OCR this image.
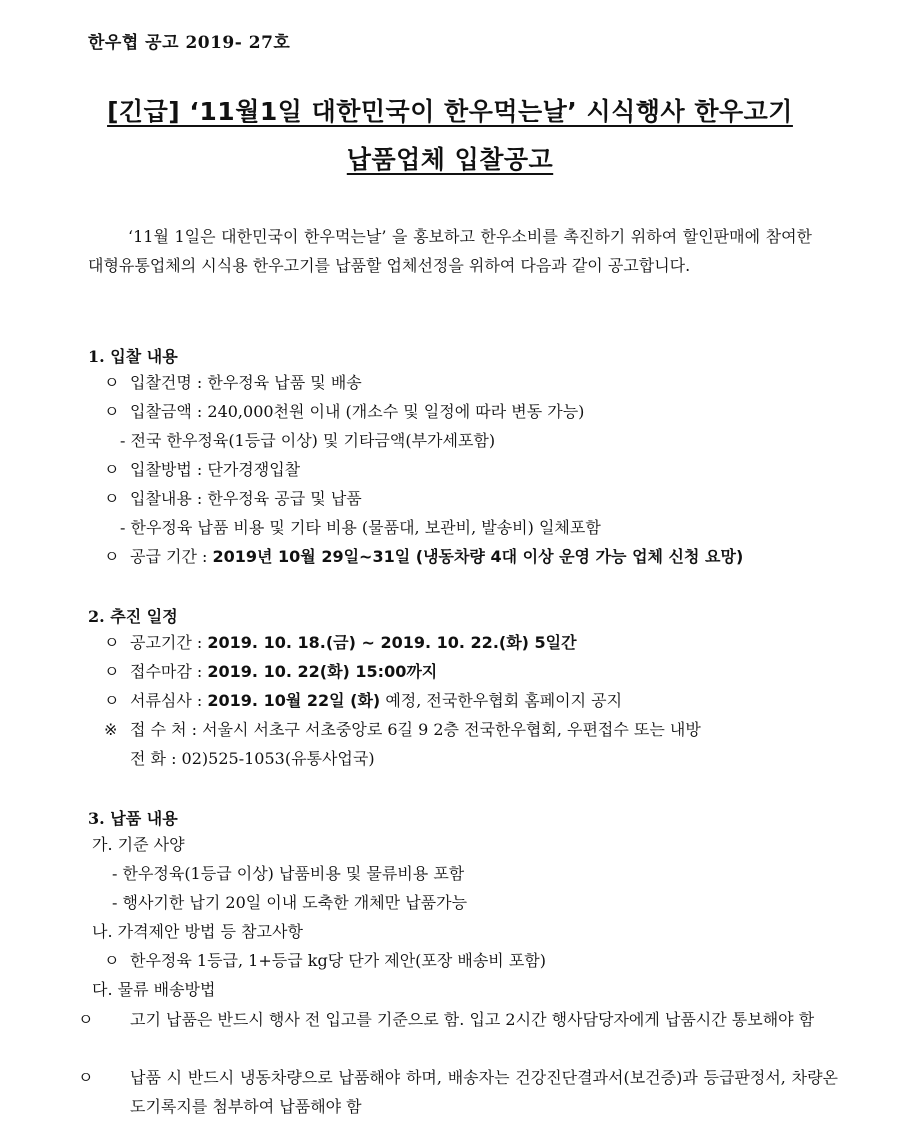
한우협 공고 2019- 27호
[긴급] ‘11월1일 대한민국이 한우먹는날’ 시식행사 한우고기
납품업체 입찰공고
‘11월 1일은 대한민국이 한우먹는날’ 을 홍보하고 한우소비를 촉진하기 위하여 할인판매에 참여한 대형유통업체의 시식용 한우고기를 납품할 업체선정을 위하여 다음과 같이 공고합니다.
1. 입찰 내용
ㅇ 입찰건명 : 한우정육 납품 및 배송
ㅇ 입찰금액 : 240,000천원 이내 (개소수 및 일정에 따라 변동 가능)
- 전국 한우정육(1등급 이상) 및 기타금액(부가세포함)
ㅇ 입찰방법 : 단가경쟁입찰
ㅇ 입찰내용 : 한우정육 공급 및 납품
- 한우정육 납품 비용 및 기타 비용 (물품대, 보관비, 발송비) 일체포함
ㅇ 공급 기간 : 2019년 10월 29일~31일 (냉동차량 4대 이상 운영 가능 업체 신청 요망)
2. 추진 일정
ㅇ 공고기간 : 2019. 10. 18.(금) ~ 2019. 10. 22.(화) 5일간
ㅇ 접수마감 : 2019. 10. 22(화) 15:00까지
ㅇ 서류심사 : 2019. 10월 22일 (화) 예정, 전국한우협회 홈페이지 공지
※ 접 수 처 : 서울시 서초구 서초중앙로 6길 9 2층 전국한우협회, 우편접수 또는 내방
전 화 : 02)525-1053(유통사업국)
3. 납품 내용
가. 기준 사양
- 한우정육(1등급 이상) 납품비용 및 물류비용 포함
- 행사기한 납기 20일 이내 도축한 개체만 납품가능
나. 가격제안 방법 등 참고사항
ㅇ 한우정육 1등급, 1+등급 kg당 단가 제안(포장 배송비 포함)
다. 물류 배송방법
ㅇ 고기 납품은 반드시 행사 전 입고를 기준으로 함. 입고 2시간 행사담당자에게 납품시간 통보해야 함
ㅇ 납품 시 반드시 냉동차량으로 납품해야 하며, 배송자는 건강진단결과서(보건증)과 등급판정서, 차량온도기록지를 첨부하여 납품해야 함
